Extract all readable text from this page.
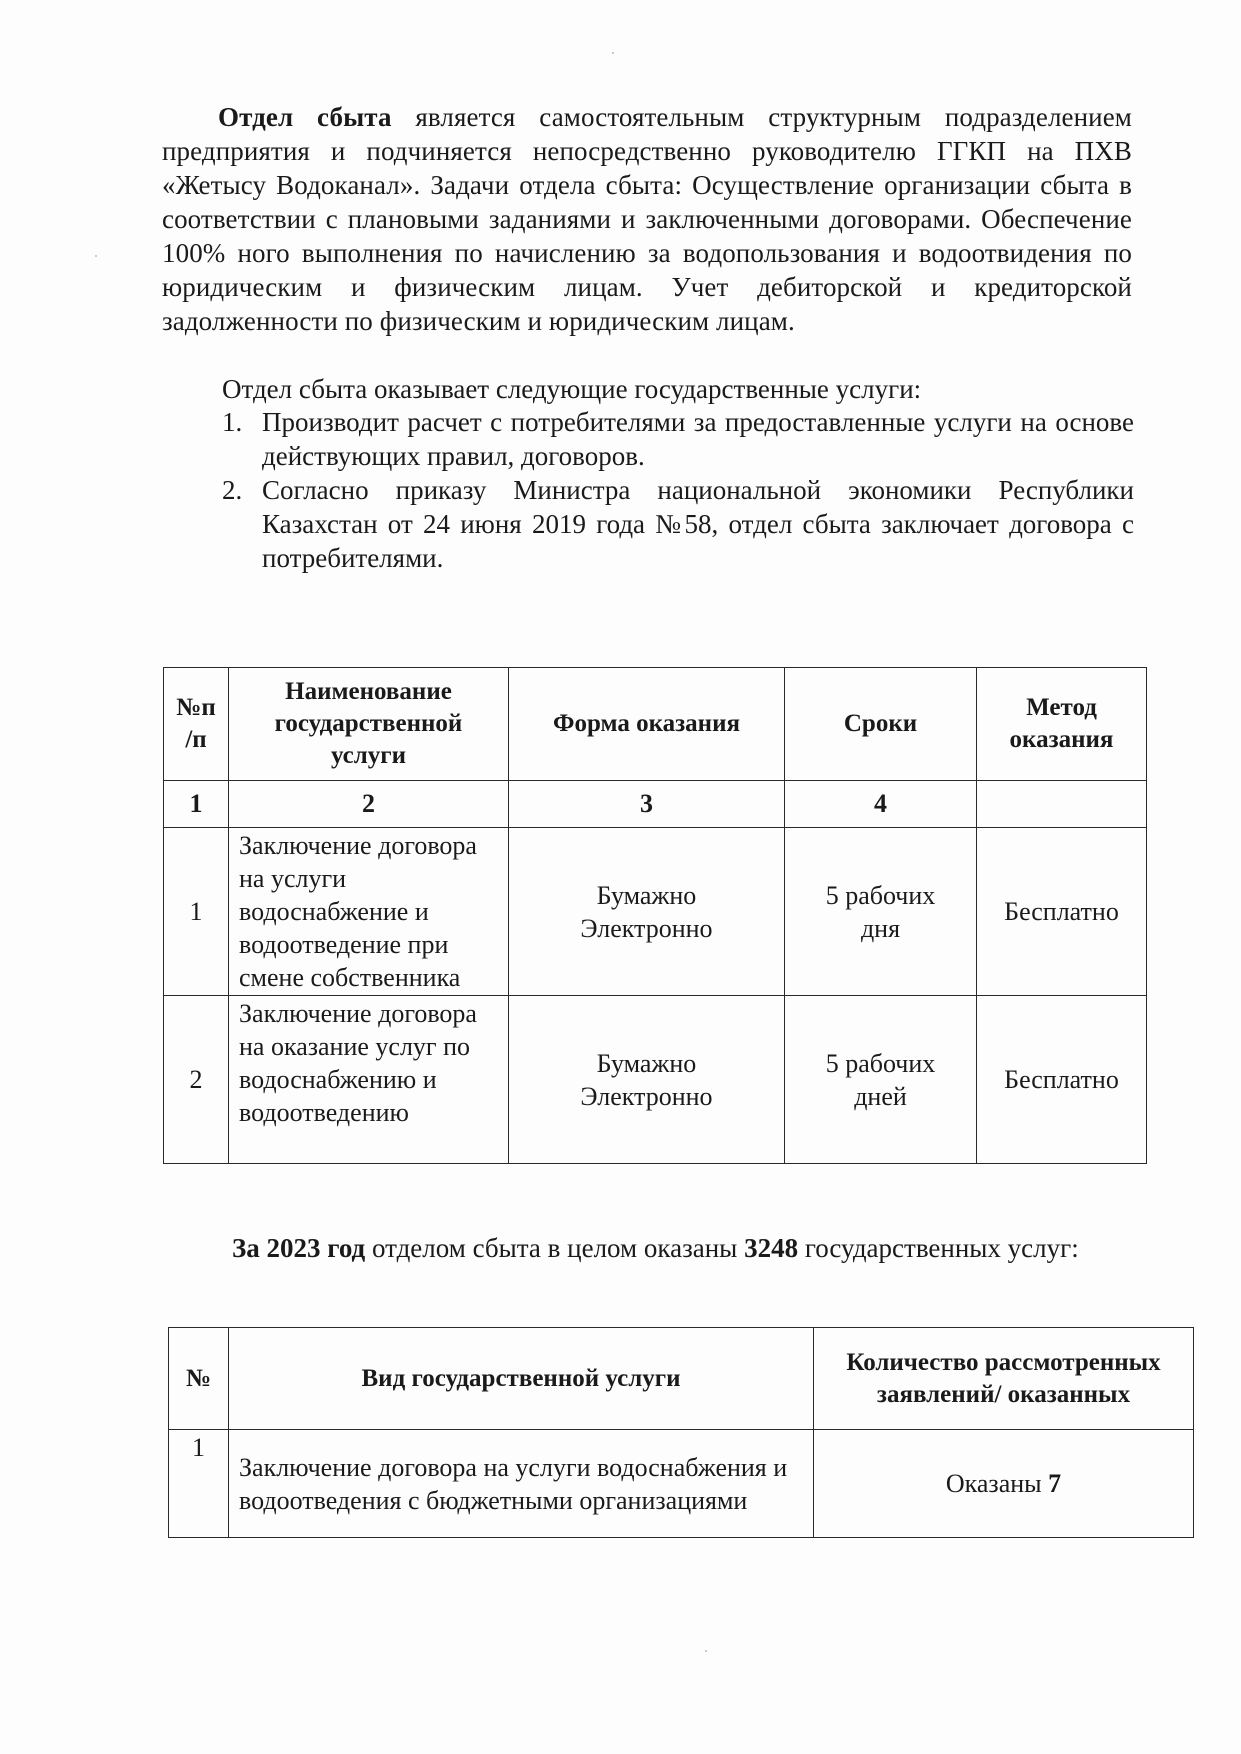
Отдел сбыта является самостоятельным структурным подразделением предприятия и подчиняется непосредственно руководителю ГГКП на ПХВ «Жетысу Водоканал». Задачи отдела сбыта: Осуществление организации сбыта в соответствии с плановыми заданиями и заключенными договорами. Обеспечение 100% ного выполнения по начислению за водопользования и водоотвидения по юридическим и физическим лицам. Учет дебиторской и кредиторской задолженности по физическим и юридическим лицам.
Отдел сбыта оказывает следующие государственные услуги:
1. Производит расчет с потребителями за предоставленные услуги на основе действующих правил, договоров.
2. Согласно приказу Министра национальной экономики Республики Казахстан от 24 июня 2019 года №58, отдел сбыта заключает договора с потребителями.
№п /п	Наименование государственной услуги	Форма оказания	Сроки	Метод оказания
1	2	3	4	
1	Заключение договора на услуги водоснабжение и водоотведение при смене собственника	Бумажно Электронно	5 рабочих дня	Бесплатно
2	Заключение договора на оказание услуг по водоснабжению и водоотведению	Бумажно Электронно	5 рабочих дней	Бесплатно
За 2023 год отделом сбыта в целом оказаны 3248 государственных услуг:
№	Вид государственной услуги	Количество рассмотренных заявлений/ оказанных
1	Заключение договора на услуги водоснабжения и водоотведения с бюджетными организациями	Оказаны 7
